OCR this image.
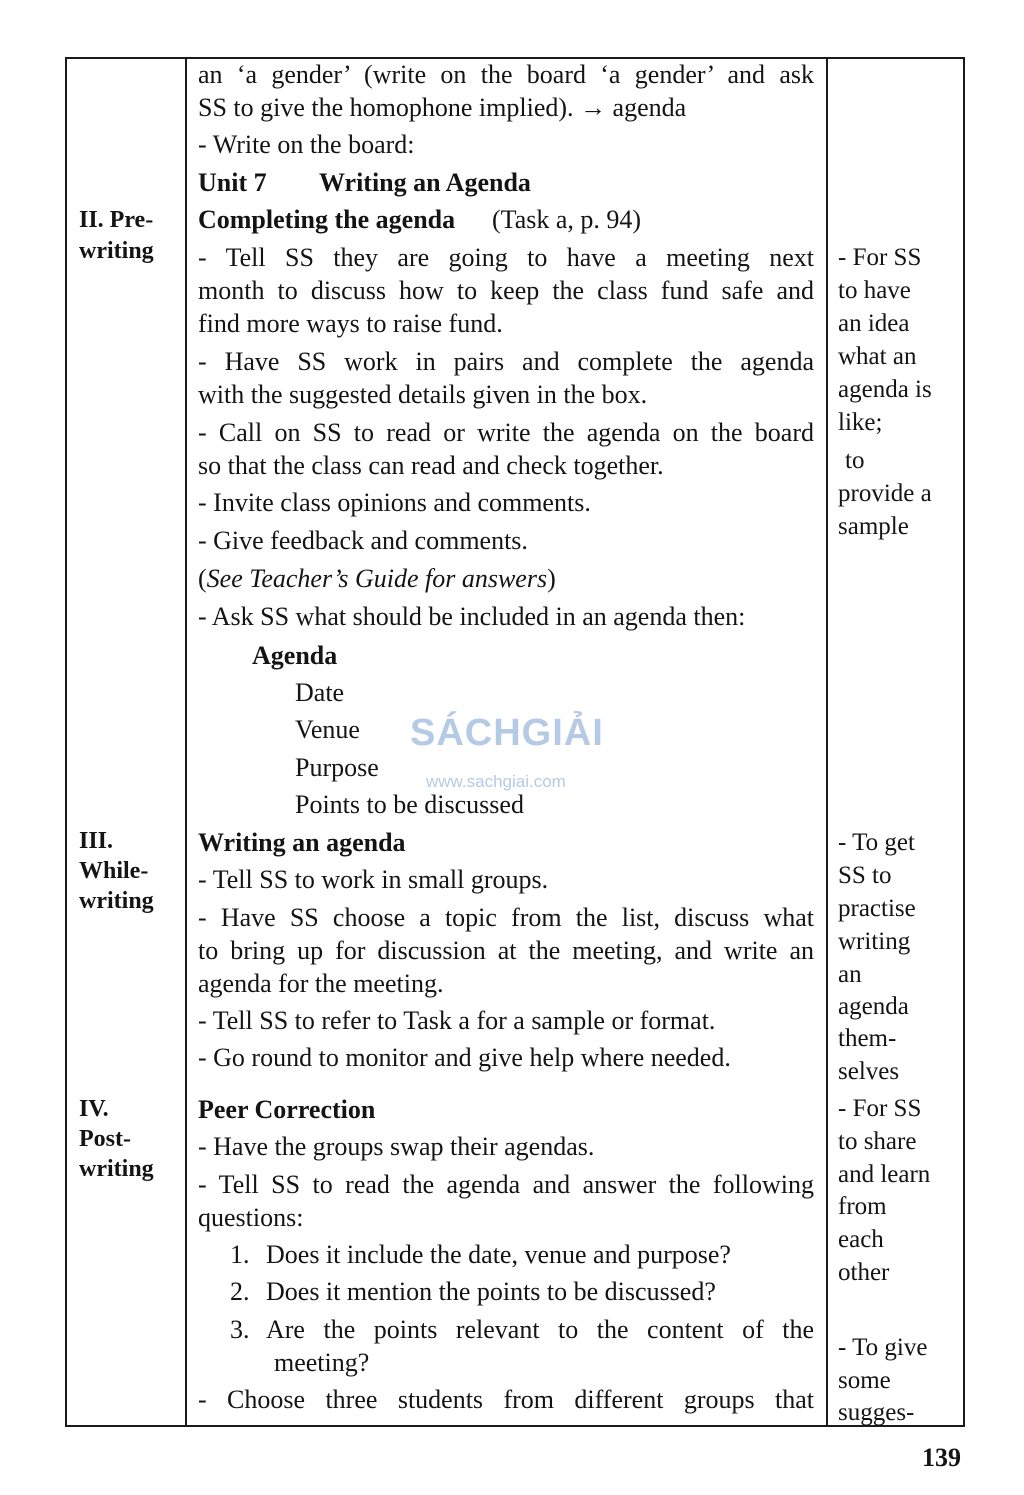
an ‘a gender’ (write on the board ‘a gender’ and ask
SS to give the homophone implied). → agenda
- Write on the board:
Unit 7 Writing an Agenda
II. Pre-
writing
Completing the agenda (Task a, p. 94)
- Tell SS they are going to have a meeting next
month to discuss how to keep the class fund safe and
find more ways to raise fund.
- Have SS work in pairs and complete the agenda
with the suggested details given in the box.
- Call on SS to read or write the agenda on the board
so that the class can read and check together.
- Invite class opinions and comments.
- Give feedback and comments.
(See Teacher’s Guide for answers)
- Ask SS what should be included in an agenda then:
Agenda
Date
Venue
Purpose
Points to be discussed
- For SS
to have
an idea
what an
agenda is
like;
to
provide a
sample
III.
While-
writing
Writing an agenda
- Tell SS to work in small groups.
- Have SS choose a topic from the list, discuss what
to bring up for discussion at the meeting, and write an
agenda for the meeting.
- Tell SS to refer to Task a for a sample or format.
- Go round to monitor and give help where needed.
- To get
SS to
practise
writing
an
agenda
them-
selves
IV.
Post-
writing
Peer Correction
- Have the groups swap their agendas.
- Tell SS to read the agenda and answer the following
questions:
1. Does it include the date, venue and purpose?
2. Does it mention the points to be discussed?
3. Are the points relevant to the content of the
meeting?
- Choose three students from different groups that
- For SS
to share
and learn
from
each
other
- To give
some
sugges-
SÁCHGIẢI
www.sachgiai.com
139
